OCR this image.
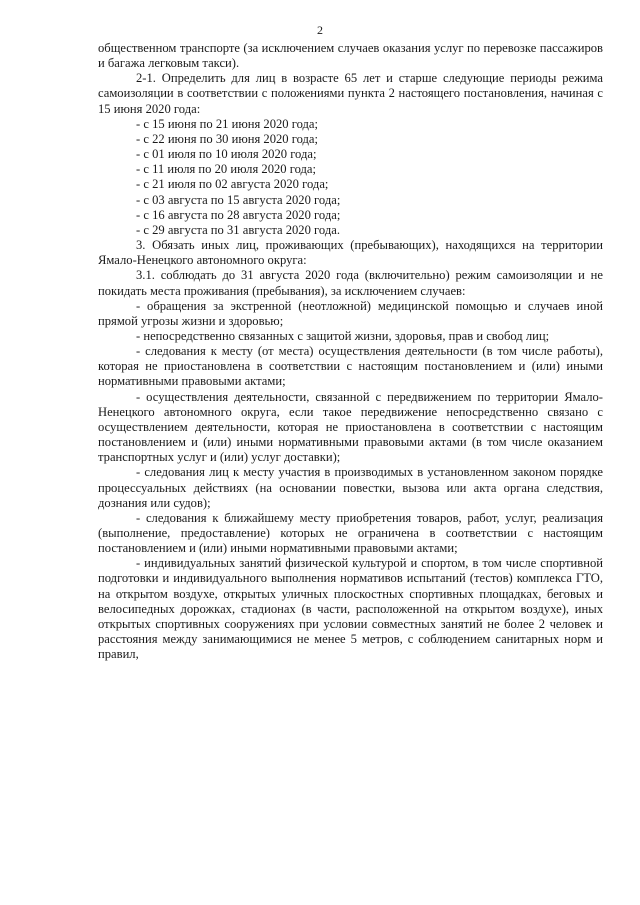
2

общественном транспорте (за исключением случаев оказания услуг по перевозке пассажиров и багажа легковым такси).

2-1. Определить для лиц в возрасте 65 лет и старше следующие периоды режима самоизоляции в соответствии с положениями пункта 2 настоящего постановления, начиная с 15 июня 2020 года:

- с 15 июня по 21 июня 2020 года;

- с 22 июня по 30 июня 2020 года;

- с 01 июля по 10 июля 2020 года;

- с 11 июля по 20 июля 2020 года;

- с 21 июля по 02 августа 2020 года;

- с 03 августа по 15 августа 2020 года;

- с 16 августа по 28 августа 2020 года;

- с 29 августа по 31 августа 2020 года.

3. Обязать иных лиц, проживающих (пребывающих), находящихся на территории Ямало-Ненецкого автономного округа:

3.1. соблюдать до 31 августа 2020 года (включительно) режим самоизоляции и не покидать места проживания (пребывания), за исключением случаев:

- обращения за экстренной (неотложной) медицинской помощью и случаев иной прямой угрозы жизни и здоровью;

- непосредственно связанных с защитой жизни, здоровья, прав и свобод лиц;

- следования к месту (от места) осуществления деятельности (в том числе работы), которая не приостановлена в соответствии с настоящим постановлением и (или) иными нормативными правовыми актами;

- осуществления деятельности, связанной с передвижением по территории Ямало-Ненецкого автономного округа, если такое передвижение непосредственно связано с осуществлением деятельности, которая не приостановлена в соответствии с настоящим постановлением и (или) иными нормативными правовыми актами (в том числе оказанием транспортных услуг и (или) услуг доставки);

- следования лиц к месту участия в производимых в установленном законом порядке процессуальных действиях (на основании повестки, вызова или акта органа следствия, дознания или судов);

- следования к ближайшему месту приобретения товаров, работ, услуг, реализация (выполнение, предоставление) которых не ограничена в соответствии с настоящим постановлением и (или) иными нормативными правовыми актами;

- индивидуальных занятий физической культурой и спортом, в том числе спортивной подготовки и индивидуального выполнения нормативов испытаний (тестов) комплекса ГТО, на открытом воздухе, открытых уличных плоскостных спортивных площадках, беговых и велосипедных дорожках, стадионах (в части, расположенной на открытом воздухе), иных открытых спортивных сооружениях при условии совместных занятий не более 2 человек и расстояния между занимающимися не менее 5 метров, с соблюдением санитарных норм и правил,
